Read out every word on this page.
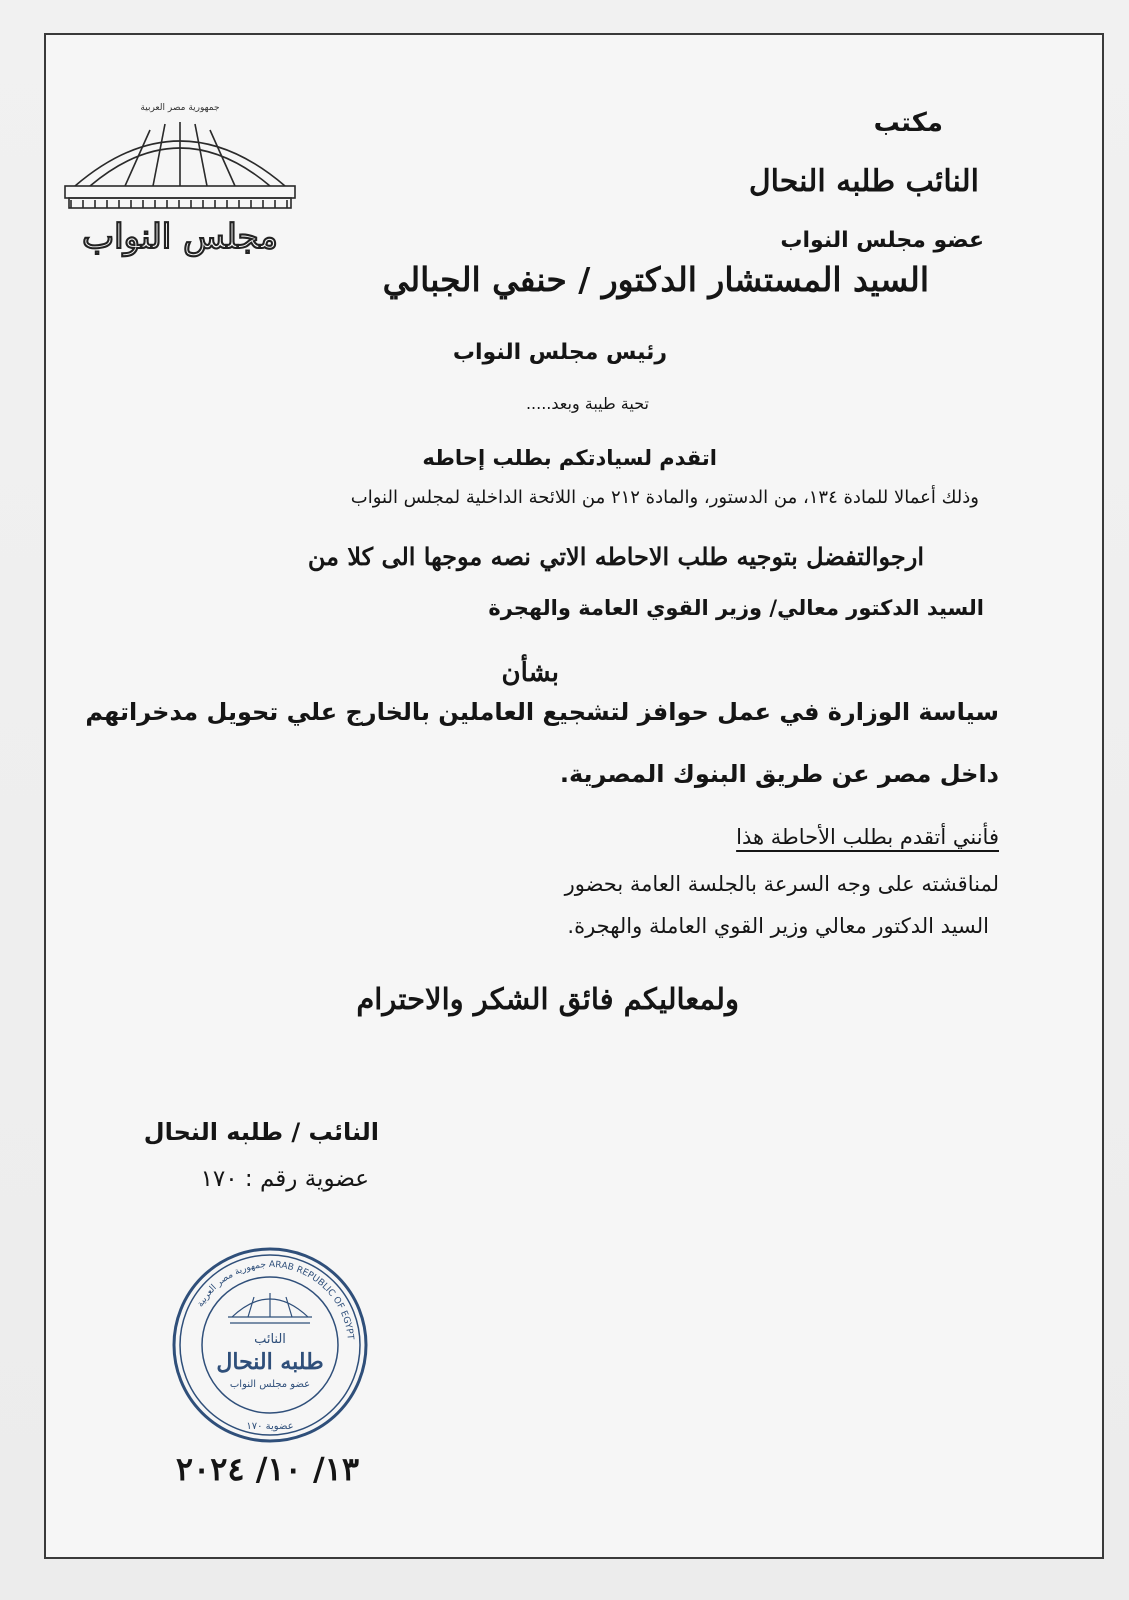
جمهورية مصر العربية
مجلس النواب
مكتب
النائب طلبه النحال
عضو مجلس النواب
السيد المستشار الدكتور / حنفي الجبالي
رئيس مجلس النواب
تحية طيبة وبعد.....
اتقدم لسيادتكم بطلب إحاطه
وذلك أعمالا للمادة ١٣٤، من الدستور، والمادة ٢١٢ من اللائحة الداخلية لمجلس النواب
ارجوالتفضل بتوجيه طلب الاحاطه الاتي نصه موجها الى كلا من
السيد الدكتور معالي/ وزير القوي العامة والهجرة
بشأن
سياسة الوزارة في عمل حوافز لتشجيع العاملين بالخارج علي تحويل مدخراتهم
داخل مصر عن طريق البنوك المصرية.
فأنني أتقدم بطلب الأحاطة هذا
لمناقشته على وجه السرعة بالجلسة العامة بحضور
السيد الدكتور معالي وزير القوي العاملة والهجرة.
ولمعاليكم فائق الشكر والاحترام
النائب / طلبه النحال
عضوية رقم : ١٧٠
جمهورية مصر العربية ARAB REPUBLIC OF EGYPT
النائب
طلبه النحال
عضو مجلس النواب
عضوية ١٧٠
١٣/ ١٠/ ٢٠٢٤
